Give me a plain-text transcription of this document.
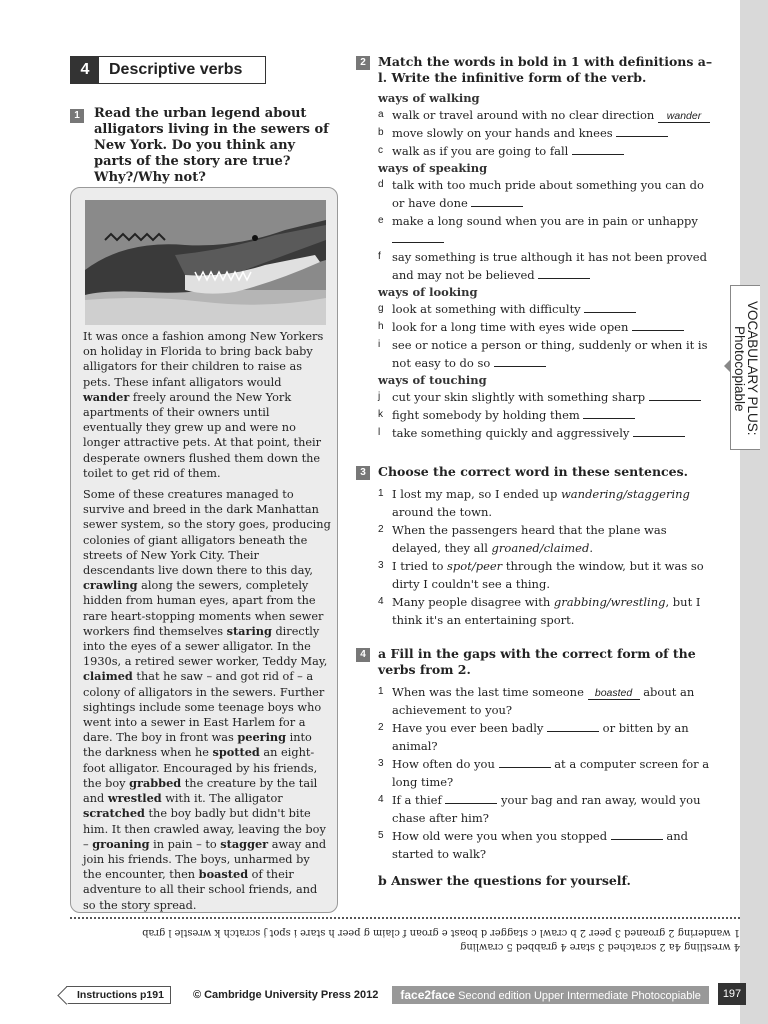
VOCABULARY PLUS: Photocopiable
4	Descriptive verbs
1	Read the urban legend about alligators living in the sewers of New York. Do you think any parts of the story are true? Why?/Why not?

It was once a fashion among New Yorkers on holiday in Florida to bring back baby alligators for their children to raise as pets. These infant alligators would wander freely around the New York apartments of their owners until eventually they grew up and were no longer attractive pets. At that point, their desperate owners flushed them down the toilet to get rid of them.

Some of these creatures managed to survive and breed in the dark Manhattan sewer system, so the story goes, producing colonies of giant alligators beneath the streets of New York City. Their descendants live down there to this day, crawling along the sewers, completely hidden from human eyes, apart from the rare heart-stopping moments when sewer workers find themselves staring directly into the eyes of a sewer alligator. In the 1930s, a retired sewer worker, Teddy May, claimed that he saw – and got rid of – a colony of alligators in the sewers. Further sightings include some teenage boys who went into a sewer in East Harlem for a dare. The boy in front was peering into the darkness when he spotted an eight-foot alligator. Encouraged by his friends, the boy grabbed the creature by the tail and wrestled with it. The alligator scratched the boy badly but didn't bite him. It then crawled away, leaving the boy – groaning in pain – to stagger away and join his friends. The boys, unharmed by the encounter, then boasted of their adventure to all their school friends, and so the story spread.

2 Match the words in bold in 1 with definitions a–l. Write the infinitive form of the verb.
ways of walking
a walk or travel around with no clear direction wander
b move slowly on your hands and knees
c walk as if you are going to fall
ways of speaking
d talk with too much pride about something you can do or have done
e make a long sound when you are in pain or unhappy
f say something is true although it has not been proved and may not be believed
ways of looking
g look at something with difficulty
h look for a long time with eyes wide open
i see or notice a person or thing, suddenly or when it is not easy to do so
ways of touching
j cut your skin slightly with something sharp
k fight somebody by holding them
l take something quickly and aggressively
3 Choose the correct word in these sentences.
1 I lost my map, so I ended up wandering/staggering around the town.
2 When the passengers heard that the plane was delayed, they all groaned/claimed.
3 I tried to spot/peer through the window, but it was so dirty I couldn't see a thing.
4 Many people disagree with grabbing/wrestling, but I think it's an entertaining sport.
4 a Fill in the gaps with the correct form of the verbs from 2.
1 When was the last time someone boasted about an achievement to you?
2 Have you ever been badly	or bitten by an animal?
3 How often do you	at a computer screen for a long time?
4 If a thief	your bag and ran away, would you chase after him?
5 How old were you when you stopped	and started to walk?
b Answer the questions for yourself.
4 wrestling 4a 2 scratched 3 stare 4 grabbed 5 crawling
1 wandering 2 groaned 3 peer 2 b crawl c stagger d boast e groan f claim g peer h stare i spot j scratch k wrestle l grab
Instructions p191	© Cambridge University Press 2012	face2face Second edition Upper Intermediate Photocopiable	197
